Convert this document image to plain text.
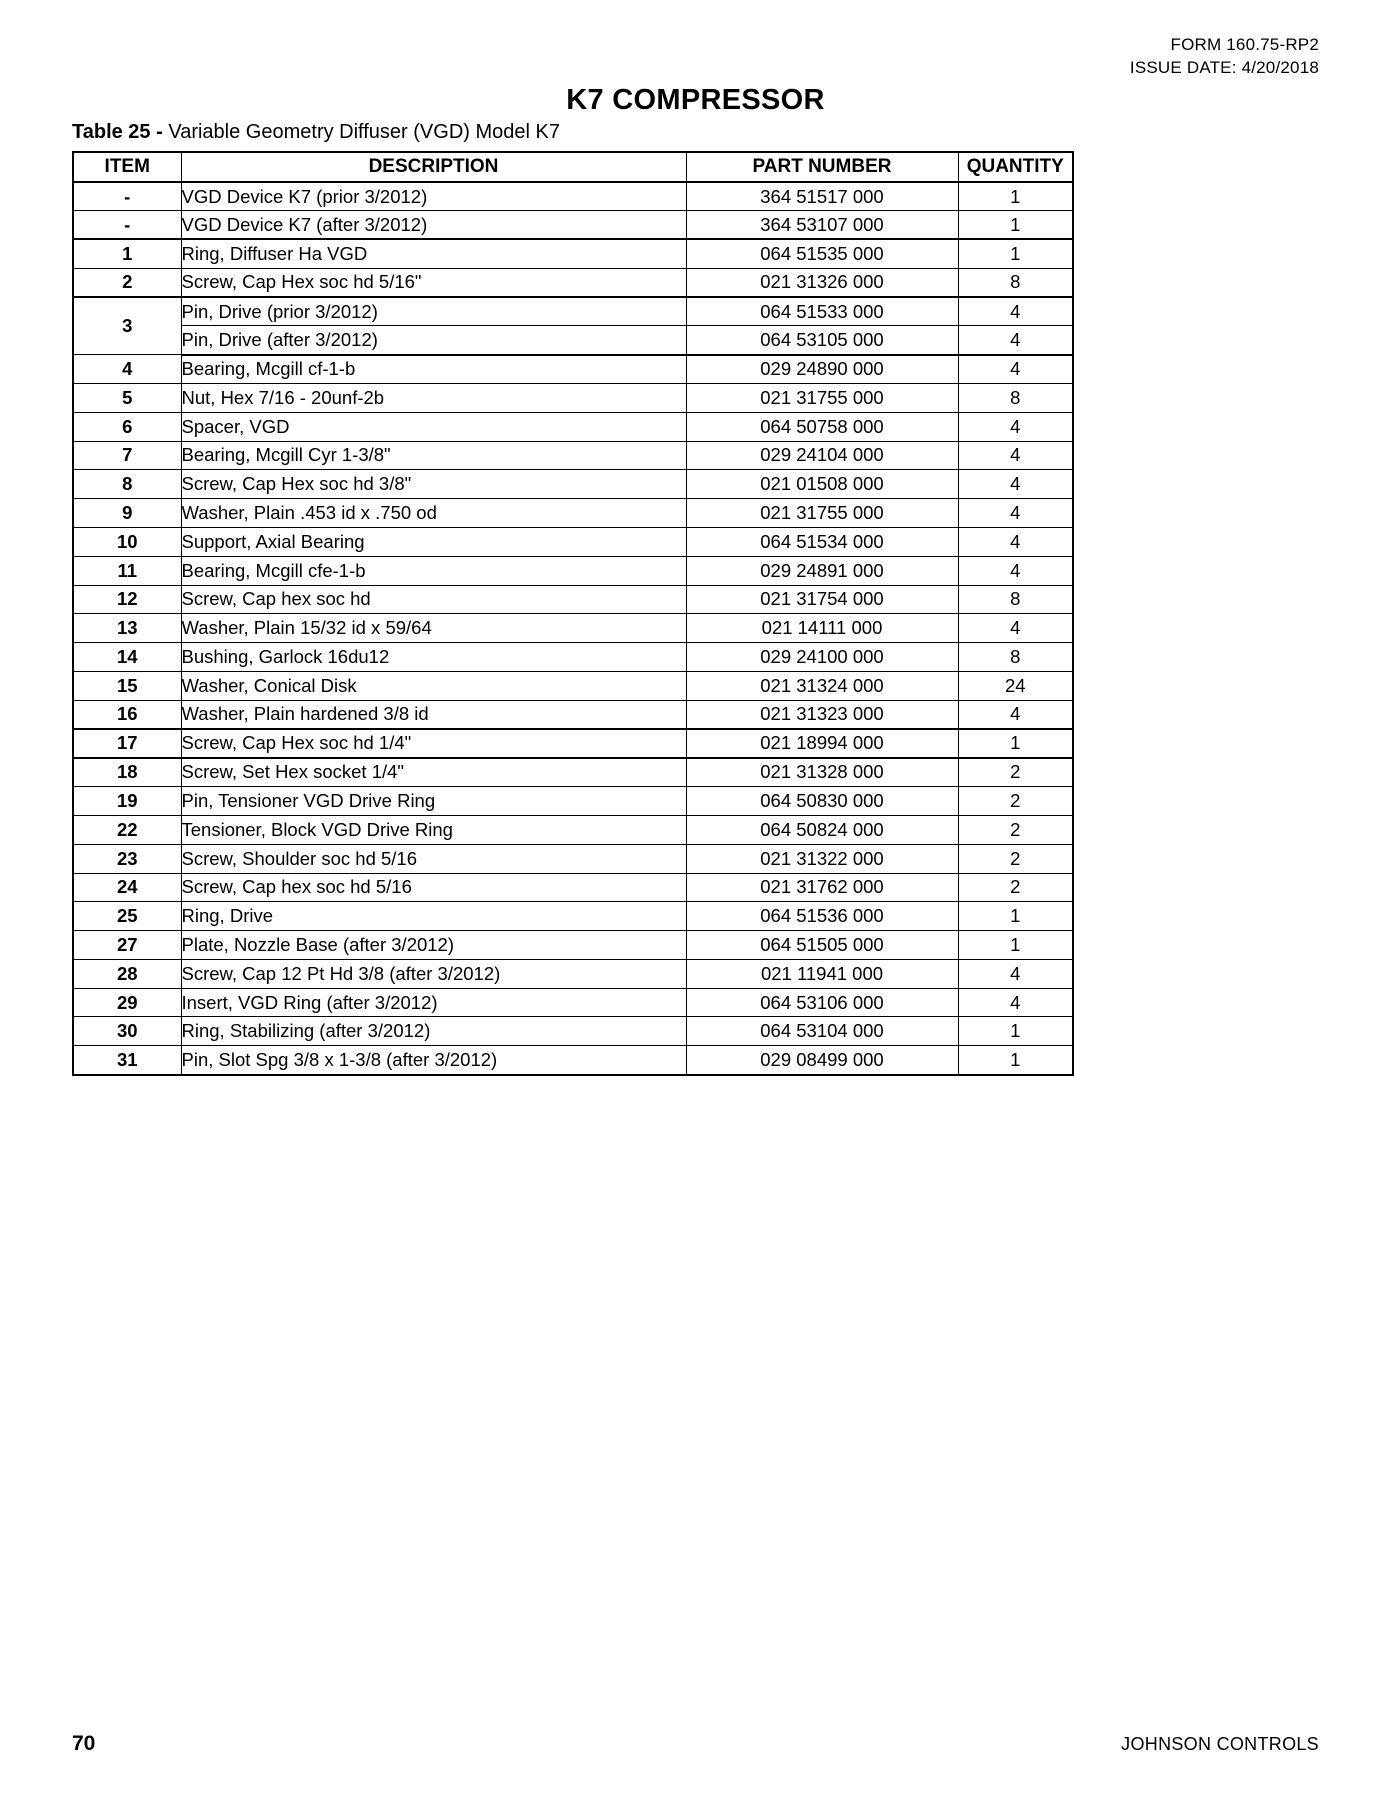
FORM 160.75-RP2
ISSUE DATE: 4/20/2018
K7 COMPRESSOR
Table 25 - Variable Geometry Diffuser (VGD) Model K7
ITEM	DESCRIPTION	PART NUMBER	QUANTITY
-	VGD Device K7 (prior 3/2012)	364 51517 000	1
-	VGD Device K7 (after 3/2012)	364 53107 000	1
1	Ring, Diffuser Ha VGD	064 51535 000	1
2	Screw, Cap Hex soc hd 5/16"	021 31326 000	8
3	Pin, Drive (prior 3/2012)	064 51533 000	4
	Pin, Drive (after 3/2012)	064 53105 000	4
4	Bearing, Mcgill cf-1-b	029 24890 000	4
5	Nut, Hex 7/16 - 20unf-2b	021 31755 000	8
6	Spacer, VGD	064 50758 000	4
7	Bearing, Mcgill Cyr 1-3/8"	029 24104 000	4
8	Screw, Cap Hex soc hd 3/8"	021 01508 000	4
9	Washer, Plain .453 id x .750 od	021 31755 000	4
10	Support, Axial Bearing	064 51534 000	4
11	Bearing, Mcgill cfe-1-b	029 24891 000	4
12	Screw, Cap hex soc hd	021 31754 000	8
13	Washer, Plain 15/32 id x 59/64	021 14111 000	4
14	Bushing, Garlock 16du12	029 24100 000	8
15	Washer, Conical Disk	021 31324 000	24
16	Washer, Plain hardened 3/8 id	021 31323 000	4
17	Screw, Cap Hex soc hd 1/4"	021 18994 000	1
18	Screw, Set Hex socket 1/4"	021 31328 000	2
19	Pin, Tensioner VGD Drive Ring	064 50830 000	2
22	Tensioner, Block VGD Drive Ring	064 50824 000	2
23	Screw, Shoulder soc hd 5/16	021 31322 000	2
24	Screw, Cap hex soc hd 5/16	021 31762 000	2
25	Ring, Drive	064 51536 000	1
27	Plate, Nozzle Base (after 3/2012)	064 51505 000	1
28	Screw, Cap 12 Pt Hd 3/8 (after 3/2012)	021 11941 000	4
29	Insert, VGD Ring (after 3/2012)	064 53106 000	4
30	Ring, Stabilizing (after 3/2012)	064 53104 000	1
31	Pin, Slot Spg 3/8 x 1-3/8 (after 3/2012)	029 08499 000	1
70	JOHNSON CONTROLS
